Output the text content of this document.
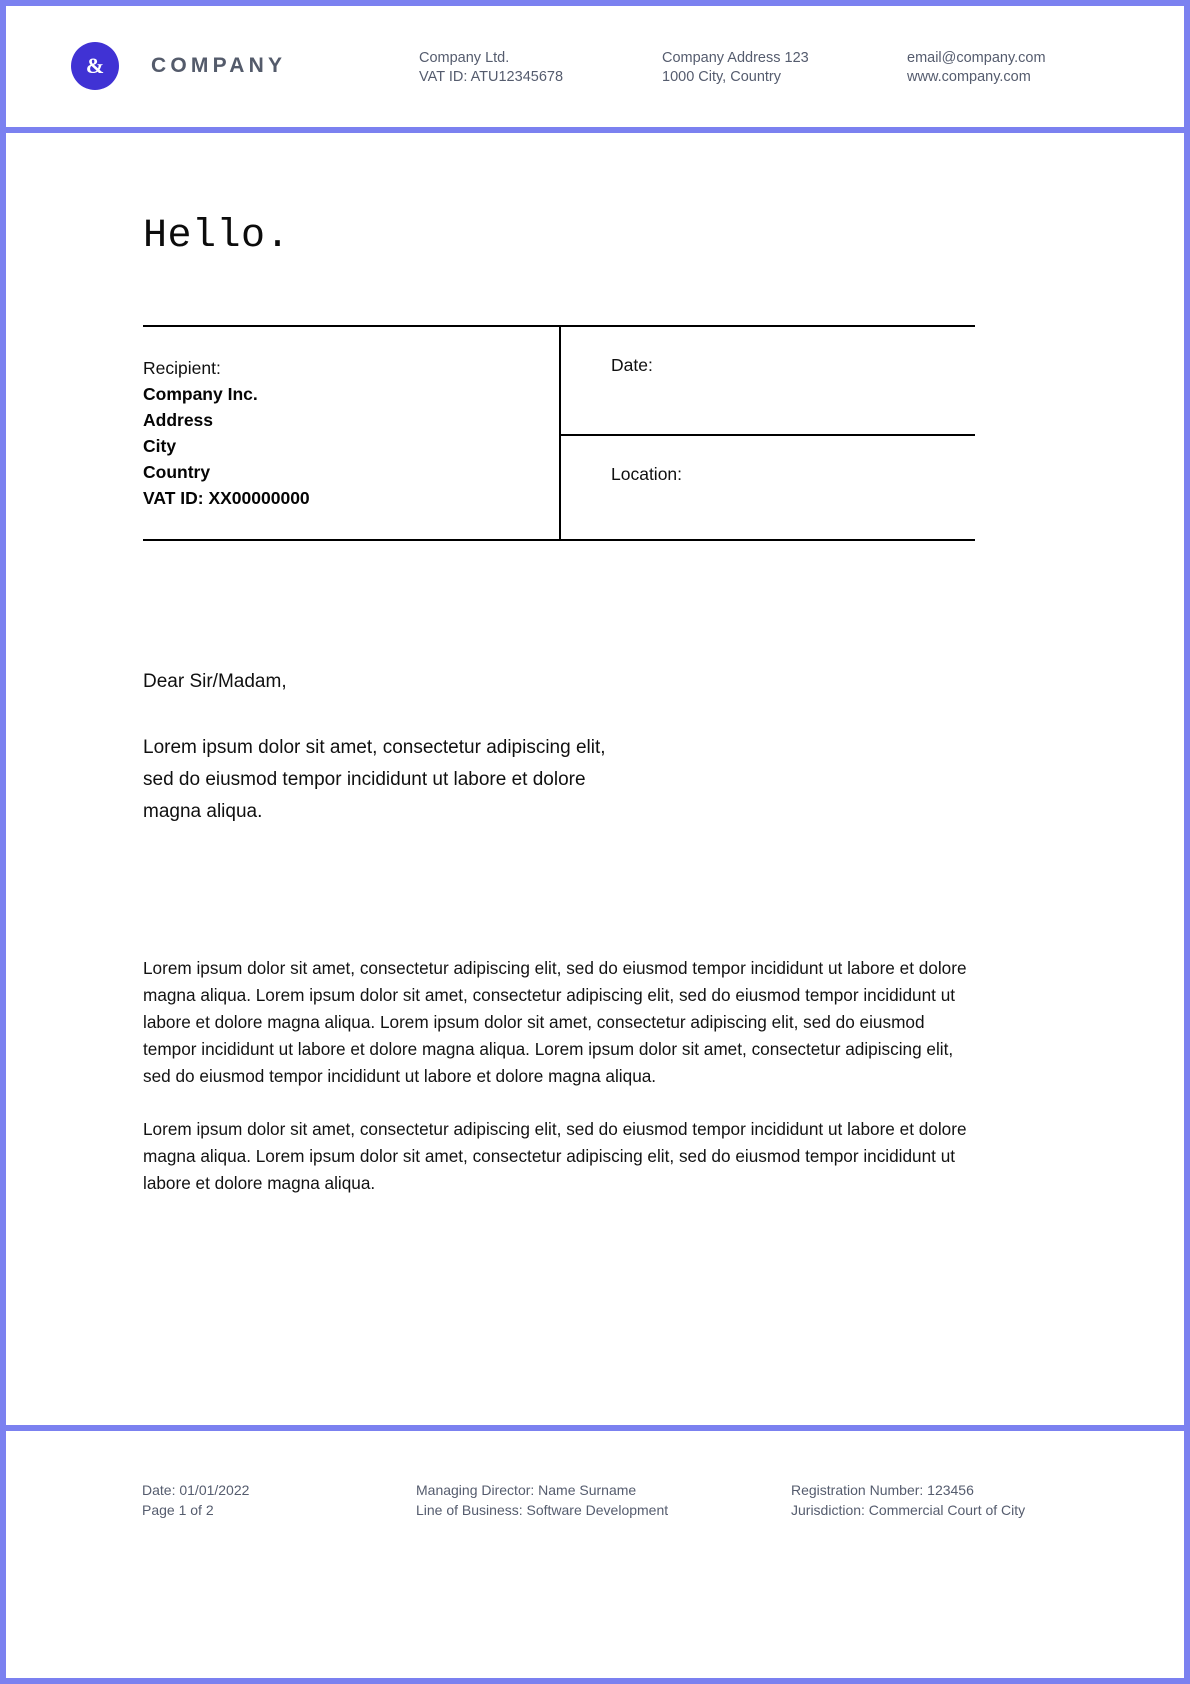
&	COMPANY	Company Ltd.
VAT ID: ATU12345678
Company Address 123
1000 City, Country
email@company.com
www.company.com
Hello.
Recipient:
Company Inc.
Address
City
Country
VAT ID: XX00000000
Date:
Location:
Dear Sir/Madam,
Lorem ipsum dolor sit amet, consectetur adipiscing elit, sed do eiusmod tempor incididunt ut labore et dolore magna aliqua.

Lorem ipsum dolor sit amet, consectetur adipiscing elit, sed do eiusmod tempor incididunt ut labore et dolore magna aliqua. Lorem ipsum dolor sit amet, consectetur adipiscing elit, sed do eiusmod tempor incididunt ut labore et dolore magna aliqua. Lorem ipsum dolor sit amet, consectetur adipiscing elit, sed do eiusmod tempor incididunt ut labore et dolore magna aliqua. Lorem ipsum dolor sit amet, consectetur adipiscing elit, sed do eiusmod tempor incididunt ut labore et dolore magna aliqua.

Lorem ipsum dolor sit amet, consectetur adipiscing elit, sed do eiusmod tempor incididunt ut labore et dolore magna aliqua. Lorem ipsum dolor sit amet, consectetur adipiscing elit, sed do eiusmod tempor incididunt ut labore et dolore magna aliqua.

Date: 01/01/2022
Page 1 of 2
Managing Director: Name Surname
Line of Business: Software Development
Registration Number: 123456
Jurisdiction: Commercial Court of City
